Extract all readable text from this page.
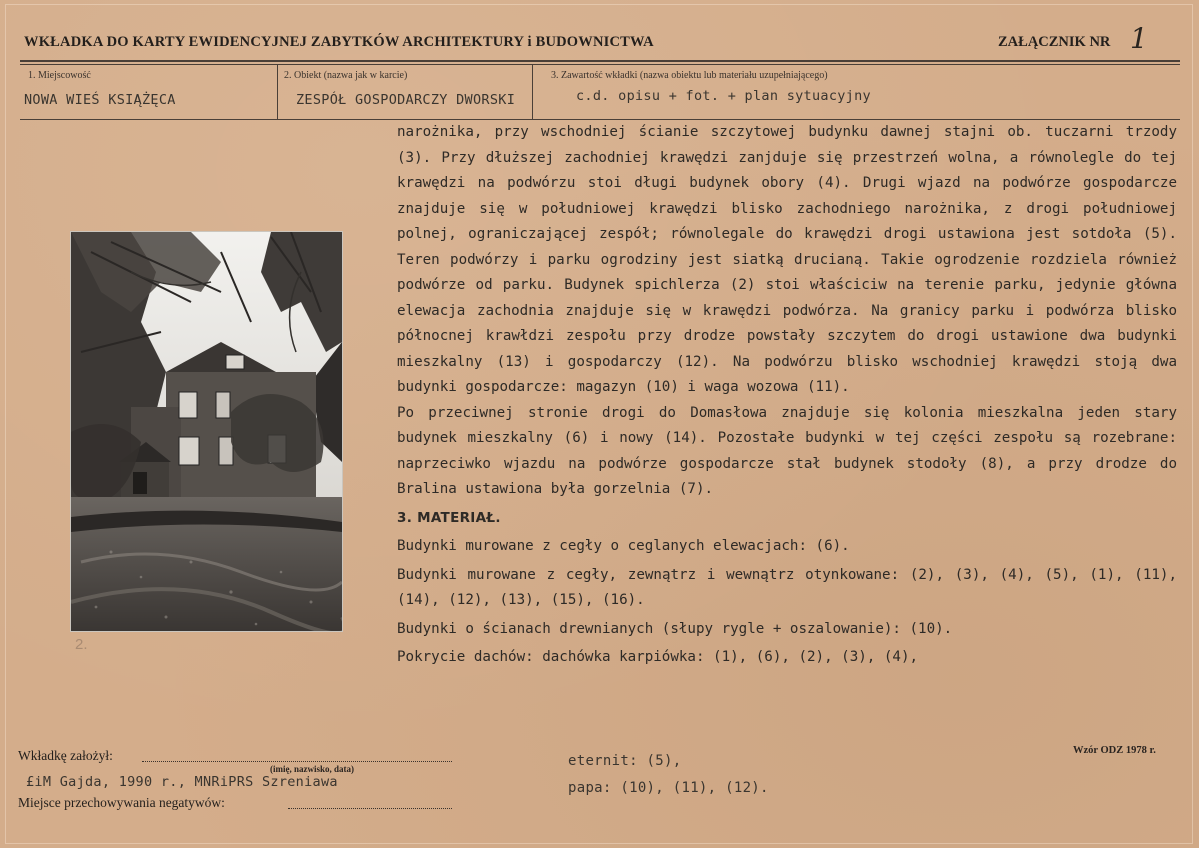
WKŁADKA DO KARTY EWIDENCYJNEJ ZABYTKÓW ARCHITEKTURY i BUDOWNICTWA	ZAŁĄCZNIK NR 1
1. Miejscowość
NOWA WIEŚ KSIĄŻĘCA
2. Obiekt (nazwa jak w karcie)
ZESPÓŁ GOSPODARCZY DWORSKI
3. Zawartość wkładki (nazwa obiektu lub materiału uzupełniającego)
c.d. opisu + fot. + plan sytuacyjny
2.

narożnika, przy wschodniej ścianie szczytowej budynku dawnej stajni ob. tuczarni trzody (3). Przy dłuższej zachodniej krawędzi zanjduje się przestrzeń wolna, a równolegle do tej krawędzi na podwórzu stoi długi budynek obory (4). Drugi wjazd na podwórze gospodarcze znajduje się w południowej krawędzi blisko zachodniego narożnika, z drogi południowej polnej, ograniczającej zespół; równolegale do krawędzi drogi ustawiona jest sotdoła (5). Teren podwórzy i parku ogrodziny jest siatką drucianą. Takie ogrodzenie rozdziela również podwórze od parku. Budynek spichlerza (2) stoi właściciw na terenie parku, jedynie główna elewacja zachodnia znajduje się w krawędzi podwórza. Na granicy parku i podwórza blisko północnej krawłdzi zespołu przy drodze powstały szczytem do drogi ustawione dwa budynki mieszkalny (13) i gospodarczy (12). Na podwórzu blisko wschodniej krawędzi stoją dwa budynki gospodarcze: magazyn (10) i waga wozowa (11).

Po przeciwnej stronie drogi do Domasłowa znajduje się kolonia mieszkalna jeden stary budynek mieszkalny (6) i nowy (14). Pozostałe budynki w tej części zespołu są rozebrane: naprzeciwko wjazdu na podwórze gospodarcze stał budynek stodoły (8), a przy drodze do Bralina ustawiona była gorzelnia (7).

3. MATERIAŁ.

Budynki murowane z cegły o ceglanych elewacjach: (6).

Budynki murowane z cegły, zewnątrz i wewnątrz otynkowane: (2), (3), (4), (5), (1), (11), (14), (12), (13), (15), (16).

Budynki o ścianach drewnianych (słupy rygle + oszalowanie): (10).

Pokrycie dachów: dachówka karpiówka: (1), (6), (2), (3), (4),

eternit: (5),
papa: (10), (11), (12).
Wkładkę założył:
(imię, nazwisko, data)
£iM Gajda, 1990 r., MNRiPRS Szreniawa
Miejsce przechowywania negatywów:
Wzór ODZ 1978 r.
